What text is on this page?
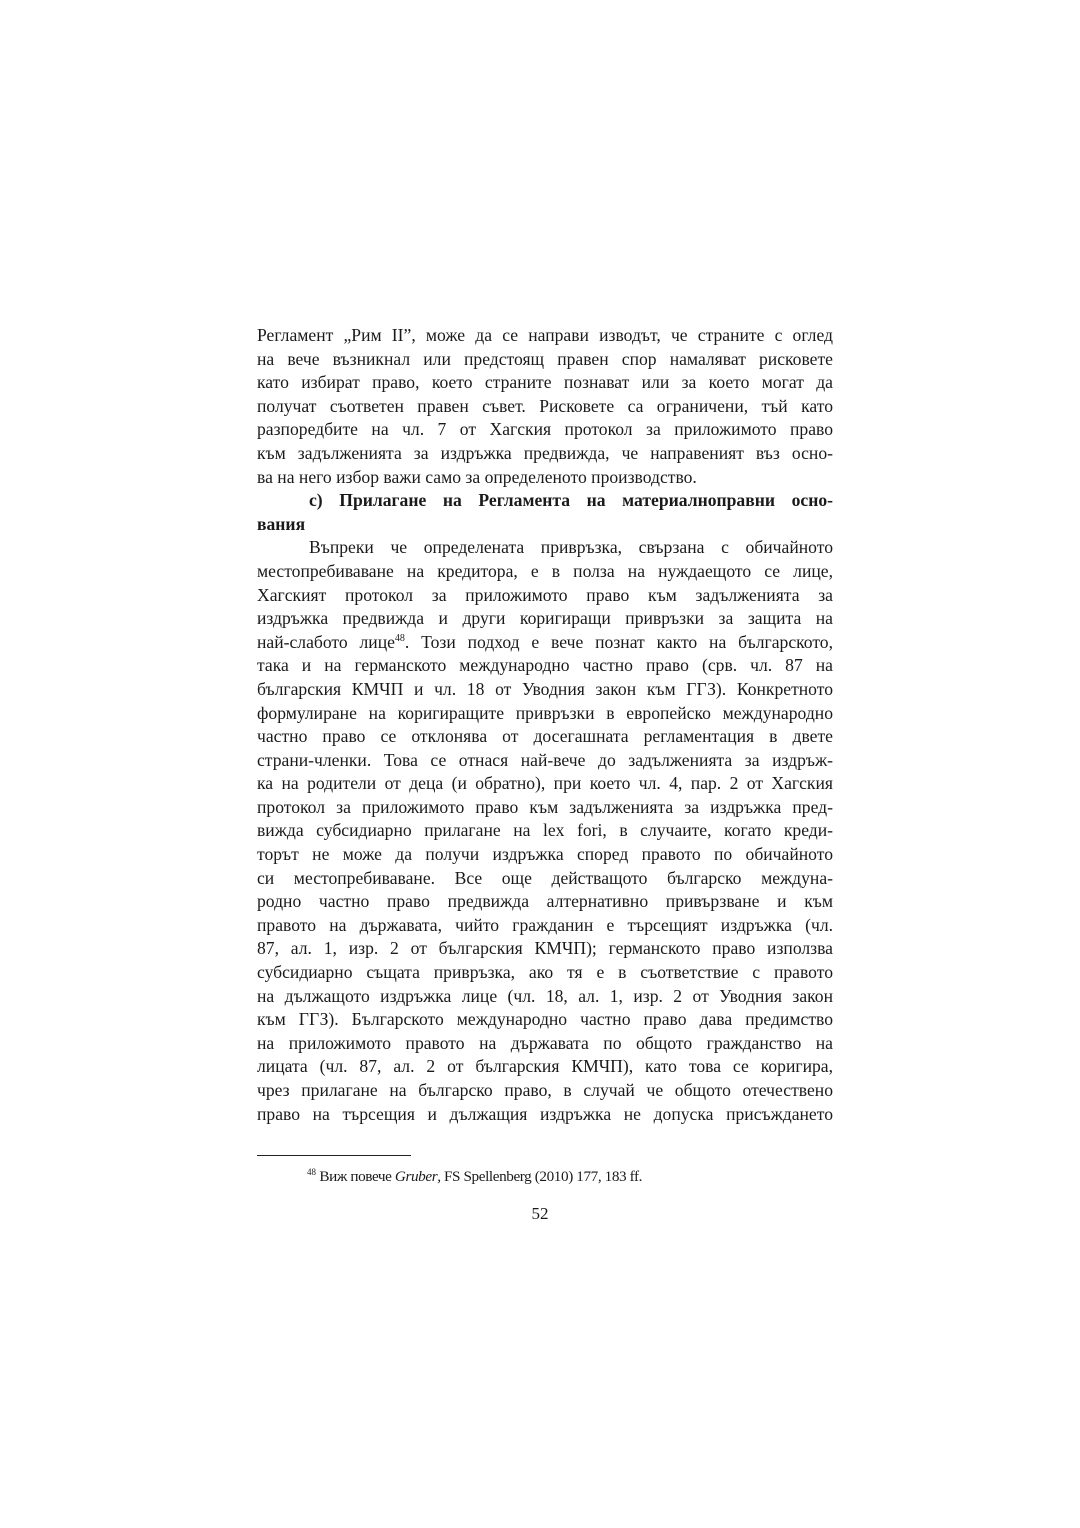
Регламент „Рим II”, може да се направи изводът, че страните с оглед
на вече възникнал или предстоящ правен спор намаляват рисковете
като избират право, което страните познават или за което могат да
получат съответен правен съвет. Рисковете са ограничени, тъй като
разпоредбите на чл. 7 от Хагския протокол за приложимото право
към задълженията за издръжка предвижда, че направеният въз осно-
ва на него избор важи само за определеното производство.
c) Прилагане на Регламента на материалноправни осно-
вания
Въпреки че определената привръзка, свързана с обичайното
местопребиваване на кредитора, е в полза на нуждаещото се лице,
Хагският протокол за приложимото право към задълженията за
издръжка предвижда и други коригиращи привръзки за защита на
най-слабото лице$^{48}$. Този подход е вече познат както на българското,
така и на германското международно частно право (срв. чл. 87 на
българския КМЧП и чл. 18 от Уводния закон към ГГЗ). Конкретното
формулиране на коригиращите привръзки в европейско международно
частно право се отклонява от досегашната регламентация в двете
страни-членки. Това се отнася най-вече до задълженията за издръж-
ка на родители от деца (и обратно), при което чл. 4, пар. 2 от Хагския
протокол за приложимото право към задълженията за издръжка пред-
вижда субсидиарно прилагане на lex fori, в случаите, когато креди-
торът не може да получи издръжка според правото по обичайното
си местопребиваване. Все още действащото българско междуна-
родно частно право предвижда алтернативно привързване и към
правото на държавата, чийто гражданин е търсещият издръжка (чл.
87, ал. 1, изр. 2 от българския КМЧП); германското право използва
субсидиарно същата привръзка, ако тя е в съответствие с правото
на дължащото издръжка лице (чл. 18, ал. 1, изр. 2 от Уводния закон
към ГГЗ). Българското международно частно право дава предимство
на приложимото правото на държавата по общото гражданство на
лицата (чл. 87, ал. 2 от българския КМЧП), като това се коригира,
чрез прилагане на българско право, в случай че общото отечествено
право на търсещия и дължащия издръжка не допуска присъждането
$^{48}$ Виж повече Gruber, FS Spellenberg (2010) 177, 183 ff.
52
